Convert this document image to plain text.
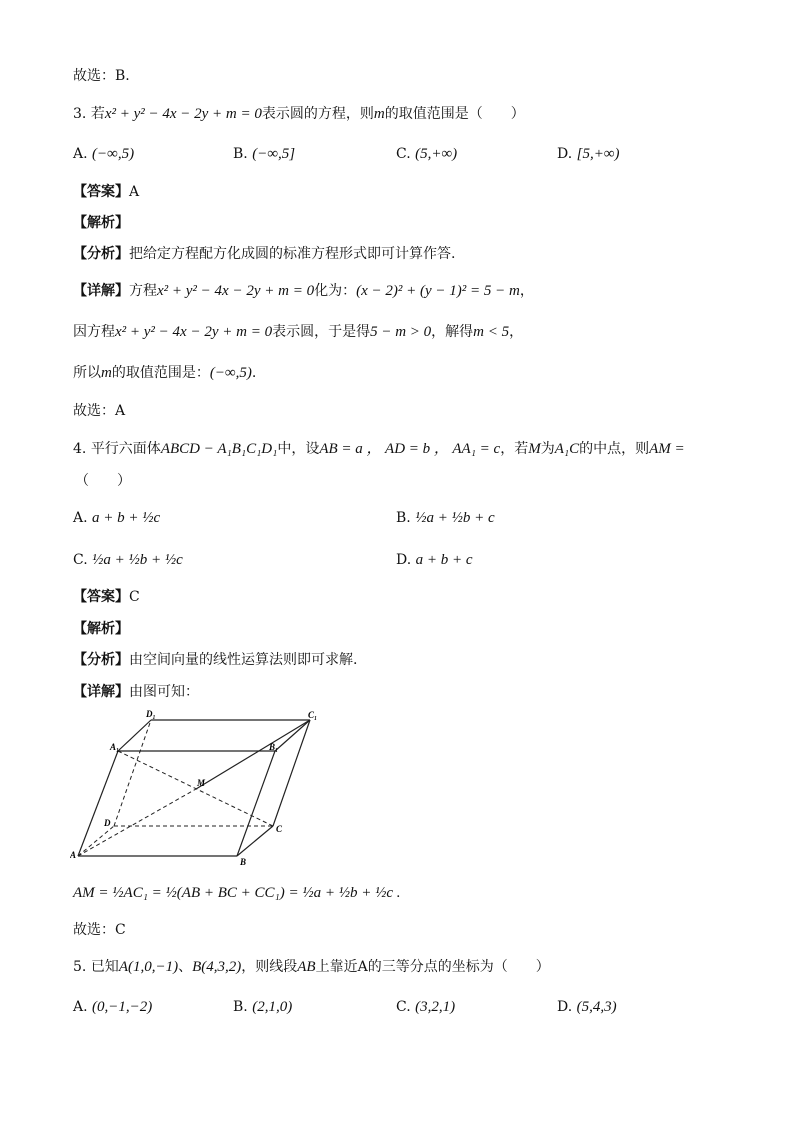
故选：B.
3. 若x² + y² − 4x − 2y + m = 0表示圆的方程，则m的取值范围是（　　）
A. (−∞,5)	B. (−∞,5]	C. (5,+∞)	D. [5,+∞)
【答案】A
【解析】
【分析】把给定方程配方化成圆的标准方程形式即可计算作答.
【详解】方程x² + y² − 4x − 2y + m = 0化为：(x − 2)² + (y − 1)² = 5 − m，
因方程x² + y² − 4x − 2y + m = 0表示圆，于是得5 − m > 0，解得m < 5，
所以m的取值范围是：(−∞,5).
故选：A
4. 平行六面体ABCD − A₁B₁C₁D₁中，设AB = a ， AD = b ， AA₁ = c，若M为A₁C的中点，则AM =
（　　）
A. a + b + ½c	B. ½a + ½b + c
C. ½a + ½b + ½c	D. a + b + c
【答案】C
【解析】
【分析】由空间向量的线性运算法则即可求解.
【详解】由图可知：
A
B
C
D
A₁	B₁
C₁
D₁
M
AM = ½AC₁ = ½(AB + BC + CC₁) = ½a + ½b + ½c .
故选：C
5. 已知A(1,0,−1)、B(4,3,2)，则线段AB上靠近A的三等分点的坐标为（　　）
A. (0,−1,−2)	B. (2,1,0)	C. (3,2,1)	D. (5,4,3)
